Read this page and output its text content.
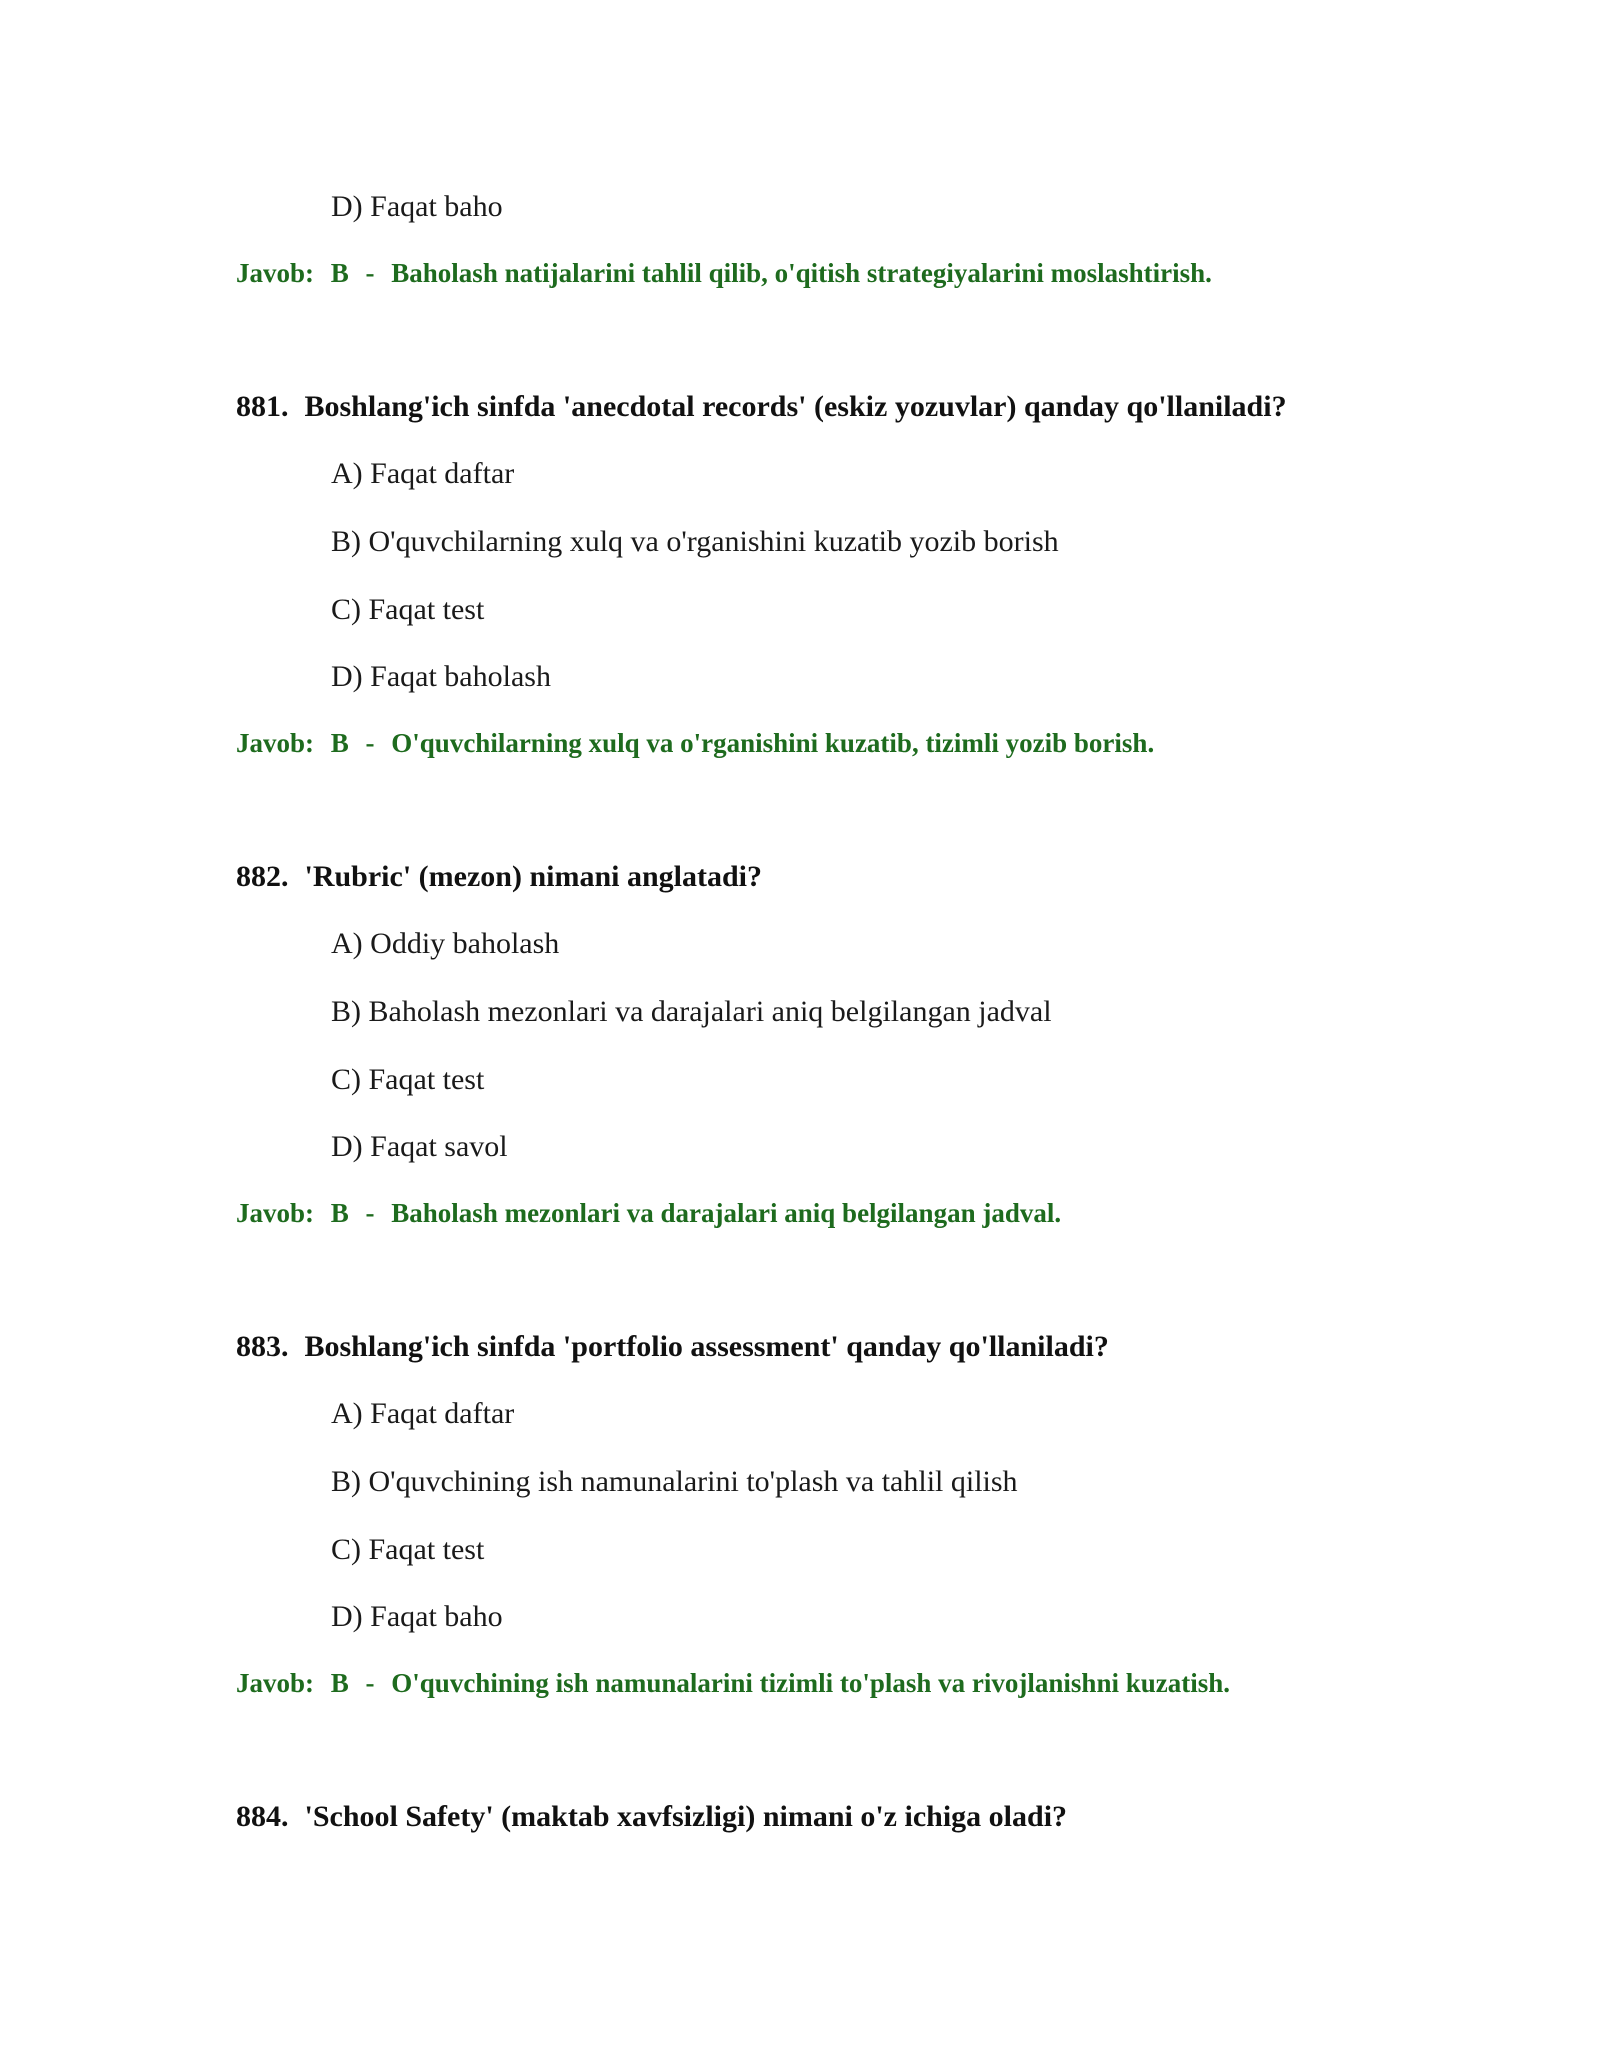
D) Faqat baho
Javob: B - Baholash natijalarini tahlil qilib, o'qitish strategiyalarini moslashtirish.
881. Boshlang'ich sinfda 'anecdotal records' (eskiz yozuvlar) qanday qo'llaniladi?
A) Faqat daftar
B) O'quvchilarning xulq va o'rganishini kuzatib yozib borish
C) Faqat test
D) Faqat baholash
Javob: B - O'quvchilarning xulq va o'rganishini kuzatib, tizimli yozib borish.
882. 'Rubric' (mezon) nimani anglatadi?
A) Oddiy baholash
B) Baholash mezonlari va darajalari aniq belgilangan jadval
C) Faqat test
D) Faqat savol
Javob: B - Baholash mezonlari va darajalari aniq belgilangan jadval.
883. Boshlang'ich sinfda 'portfolio assessment' qanday qo'llaniladi?
A) Faqat daftar
B) O'quvchining ish namunalarini to'plash va tahlil qilish
C) Faqat test
D) Faqat baho
Javob: B - O'quvchining ish namunalarini tizimli to'plash va rivojlanishni kuzatish.
884. 'School Safety' (maktab xavfsizligi) nimani o'z ichiga oladi?
